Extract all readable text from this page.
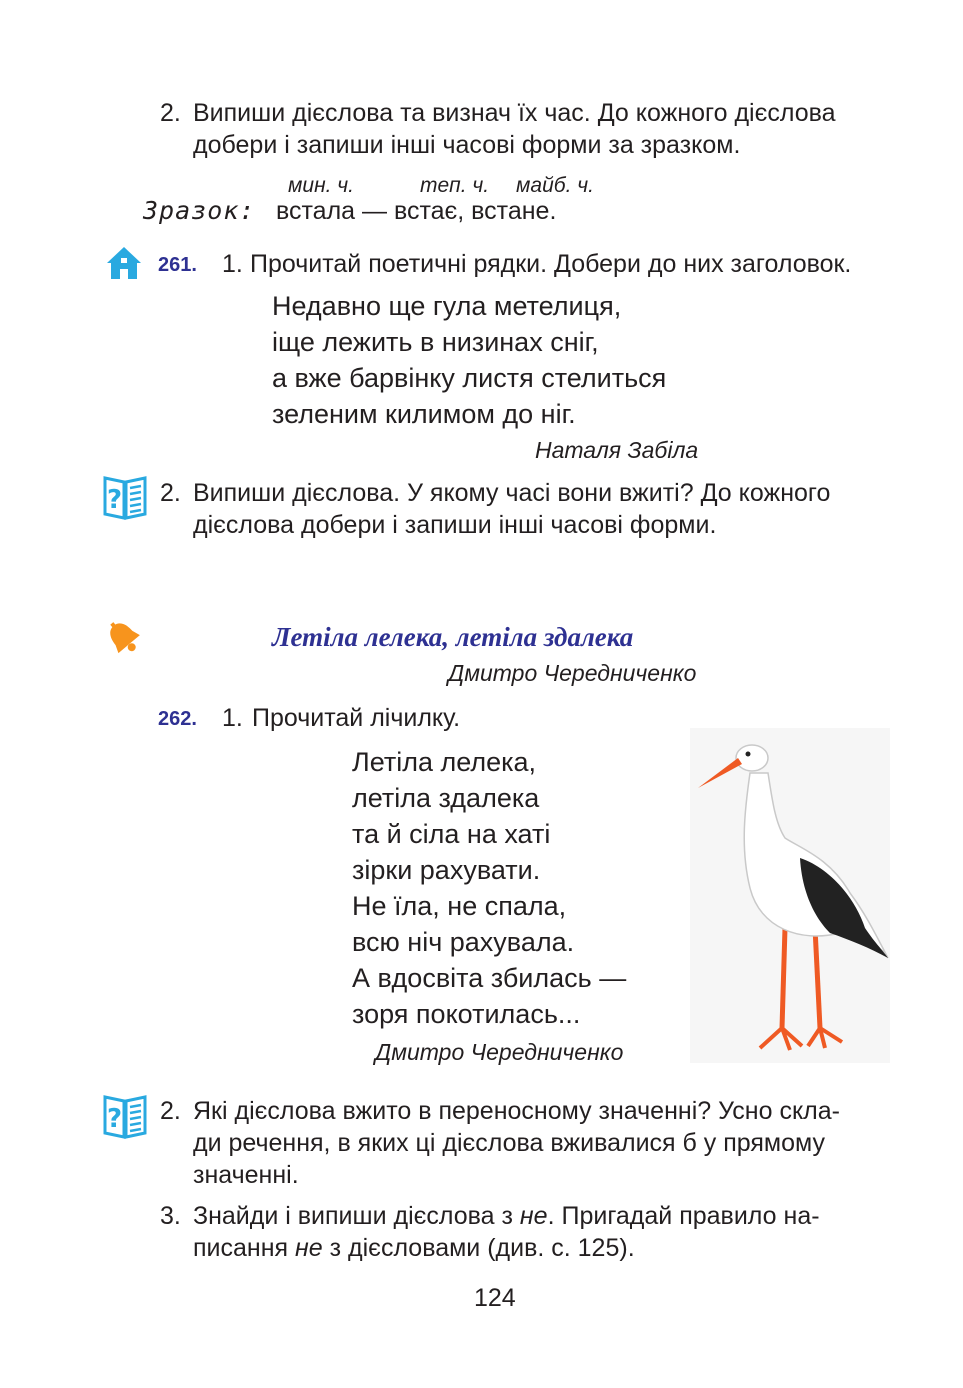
2. Випиши дієслова та визнач їх час. До кожного дієслова
добери і запиши інші часові форми за зразком.
мин. ч.	теп. ч. майб. ч.
Зразок: встала — встає, встане.
261. 1. Прочитай поетичні рядки. Добери до них заголовок.
Недавно ще гула метелиця,
іще лежить в низинах сніг,
а вже барвінку листя стелиться
зеленим килимом до ніг.
Наталя Забіла
? 2. Випиши дієслова. У якому часі вони вжиті? До кожного
дієслова добери і запиши інші часові форми.
Летіла лелека, летіла здалека
Дмитро Чередниченко
262. 1. Прочитай лічилку.
Летіла лелека,
летіла здалека
та й сіла на хаті
зірки рахувати.
Не їла, не спала,
всю ніч рахувала.
А вдосвіта збилась —
зоря покотилась...
Дмитро Чередниченко
? 2. Які дієслова вжито в переносному значенні? Усно скла-
ди речення, в яких ці дієслова вживалися б у прямому
значенні.
3. Знайди і випиши дієслова з не. Пригадай правило на-
писання не з дієсловами (див. с. 125).
124
